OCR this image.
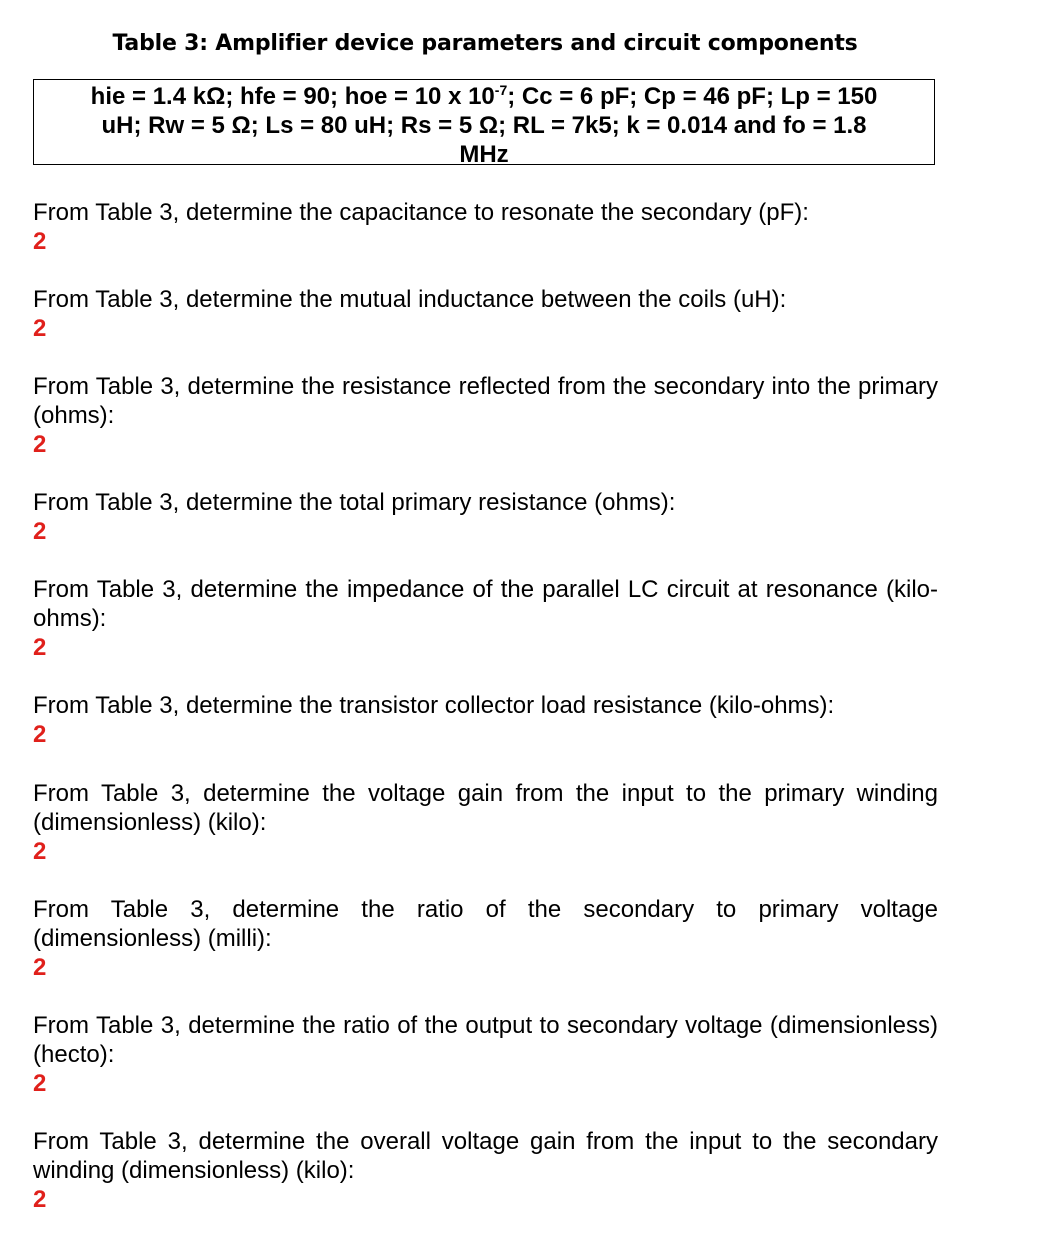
Table 3: Amplifier device parameters and circuit components
hie = 1.4 kΩ; hfe = 90; hoe = 10 x $10^{-7}$; Cc = 6 pF; Cp = 46 pF; Lp = 150
uH; Rw = 5 Ω; Ls = 80 uH; Rs = 5 Ω; RL = 7k5; k = 0.014 and fo = 1.8
MHz
From Table 3, determine the capacitance to resonate the secondary (pF):
2
From Table 3, determine the mutual inductance between the coils (uH):
2
From Table 3, determine the resistance reflected from the secondary into the primary (ohms):
2
From Table 3, determine the total primary resistance (ohms):
2
From Table 3, determine the impedance of the parallel LC circuit at resonance (kilo-ohms):
2
From Table 3, determine the transistor collector load resistance (kilo-ohms):
2
From Table 3, determine the voltage gain from the input to the primary winding (dimensionless) (kilo):
2
From Table 3, determine the ratio of the secondary to primary voltage (dimensionless) (milli):
2
From Table 3, determine the ratio of the output to secondary voltage (dimensionless) (hecto):
2
From Table 3, determine the overall voltage gain from the input to the secondary winding (dimensionless) (kilo):
2
